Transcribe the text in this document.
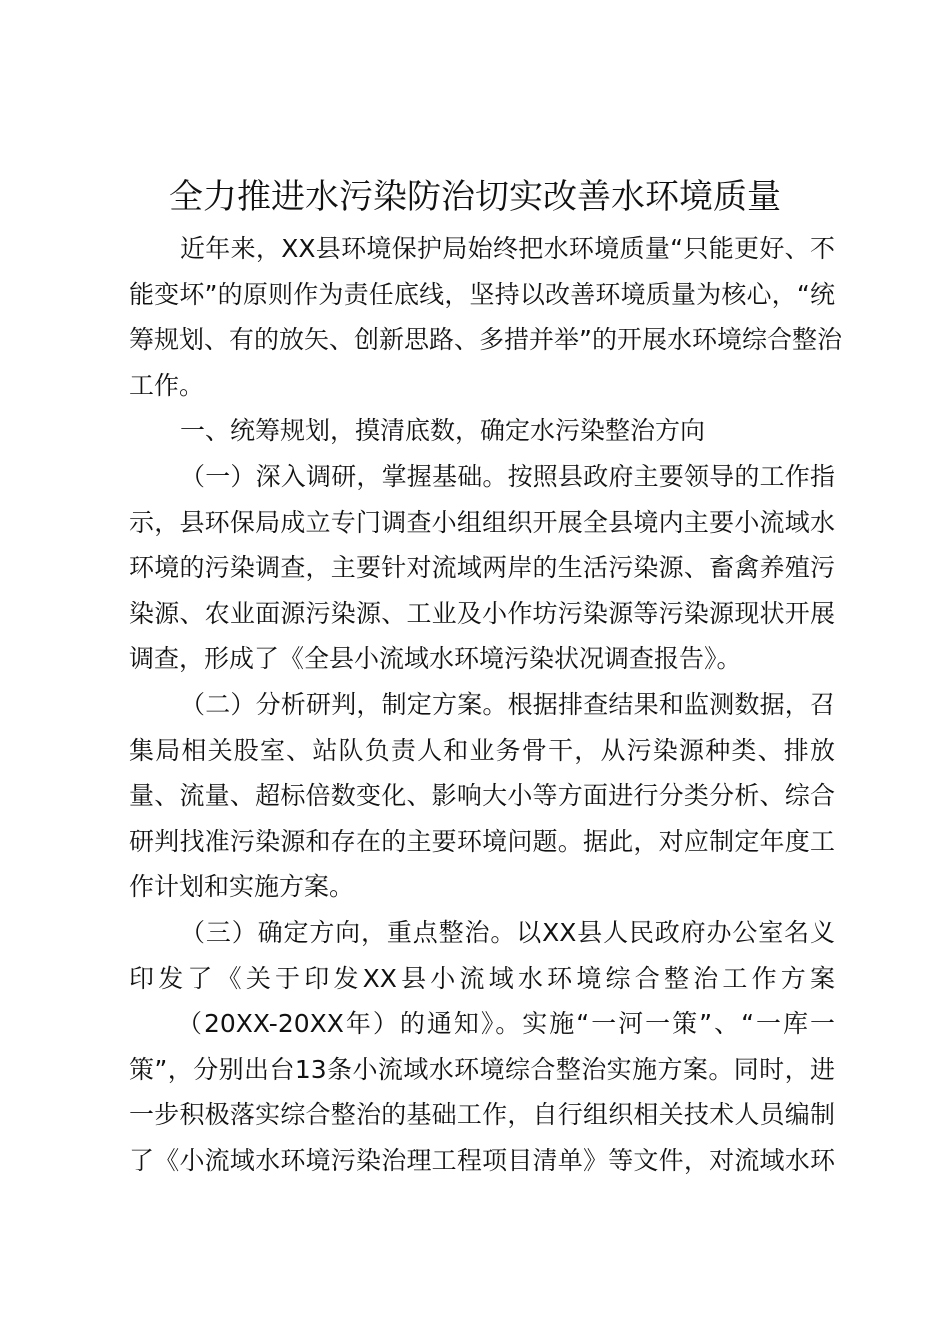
全力推进水污染防治切实改善水环境质量
近年来，XX县环境保护局始终把水环境质量“只能更好、不
能变坏”的原则作为责任底线，坚持以改善环境质量为核心，“统
筹规划、有的放矢、创新思路、多措并举”的开展水环境综合整治
工作。
一、统筹规划，摸清底数，确定水污染整治方向
（一）深入调研，掌握基础。按照县政府主要领导的工作指
示，县环保局成立专门调查小组组织开展全县境内主要小流域水
环境的污染调查，主要针对流域两岸的生活污染源、畜禽养殖污
染源、农业面源污染源、工业及小作坊污染源等污染源现状开展
调查，形成了《全县小流域水环境污染状况调查报告》。
（二）分析研判，制定方案。根据排查结果和监测数据，召
集局相关股室、站队负责人和业务骨干，从污染源种类、排放
量、流量、超标倍数变化、影响大小等方面进行分类分析、综合
研判找准污染源和存在的主要环境问题。据此，对应制定年度工
作计划和实施方案。
（三）确定方向，重点整治。以XX县人民政府办公室名义
印发了《关于印发XX县小流域水环境综合整治工作方案
（20XX-20XX年）的通知》。实施“一河一策”、“一库一
策”，分别出台13条小流域水环境综合整治实施方案。同时，进
一步积极落实综合整治的基础工作，自行组织相关技术人员编制
了《小流域水环境污染治理工程项目清单》等文件，对流域水环
